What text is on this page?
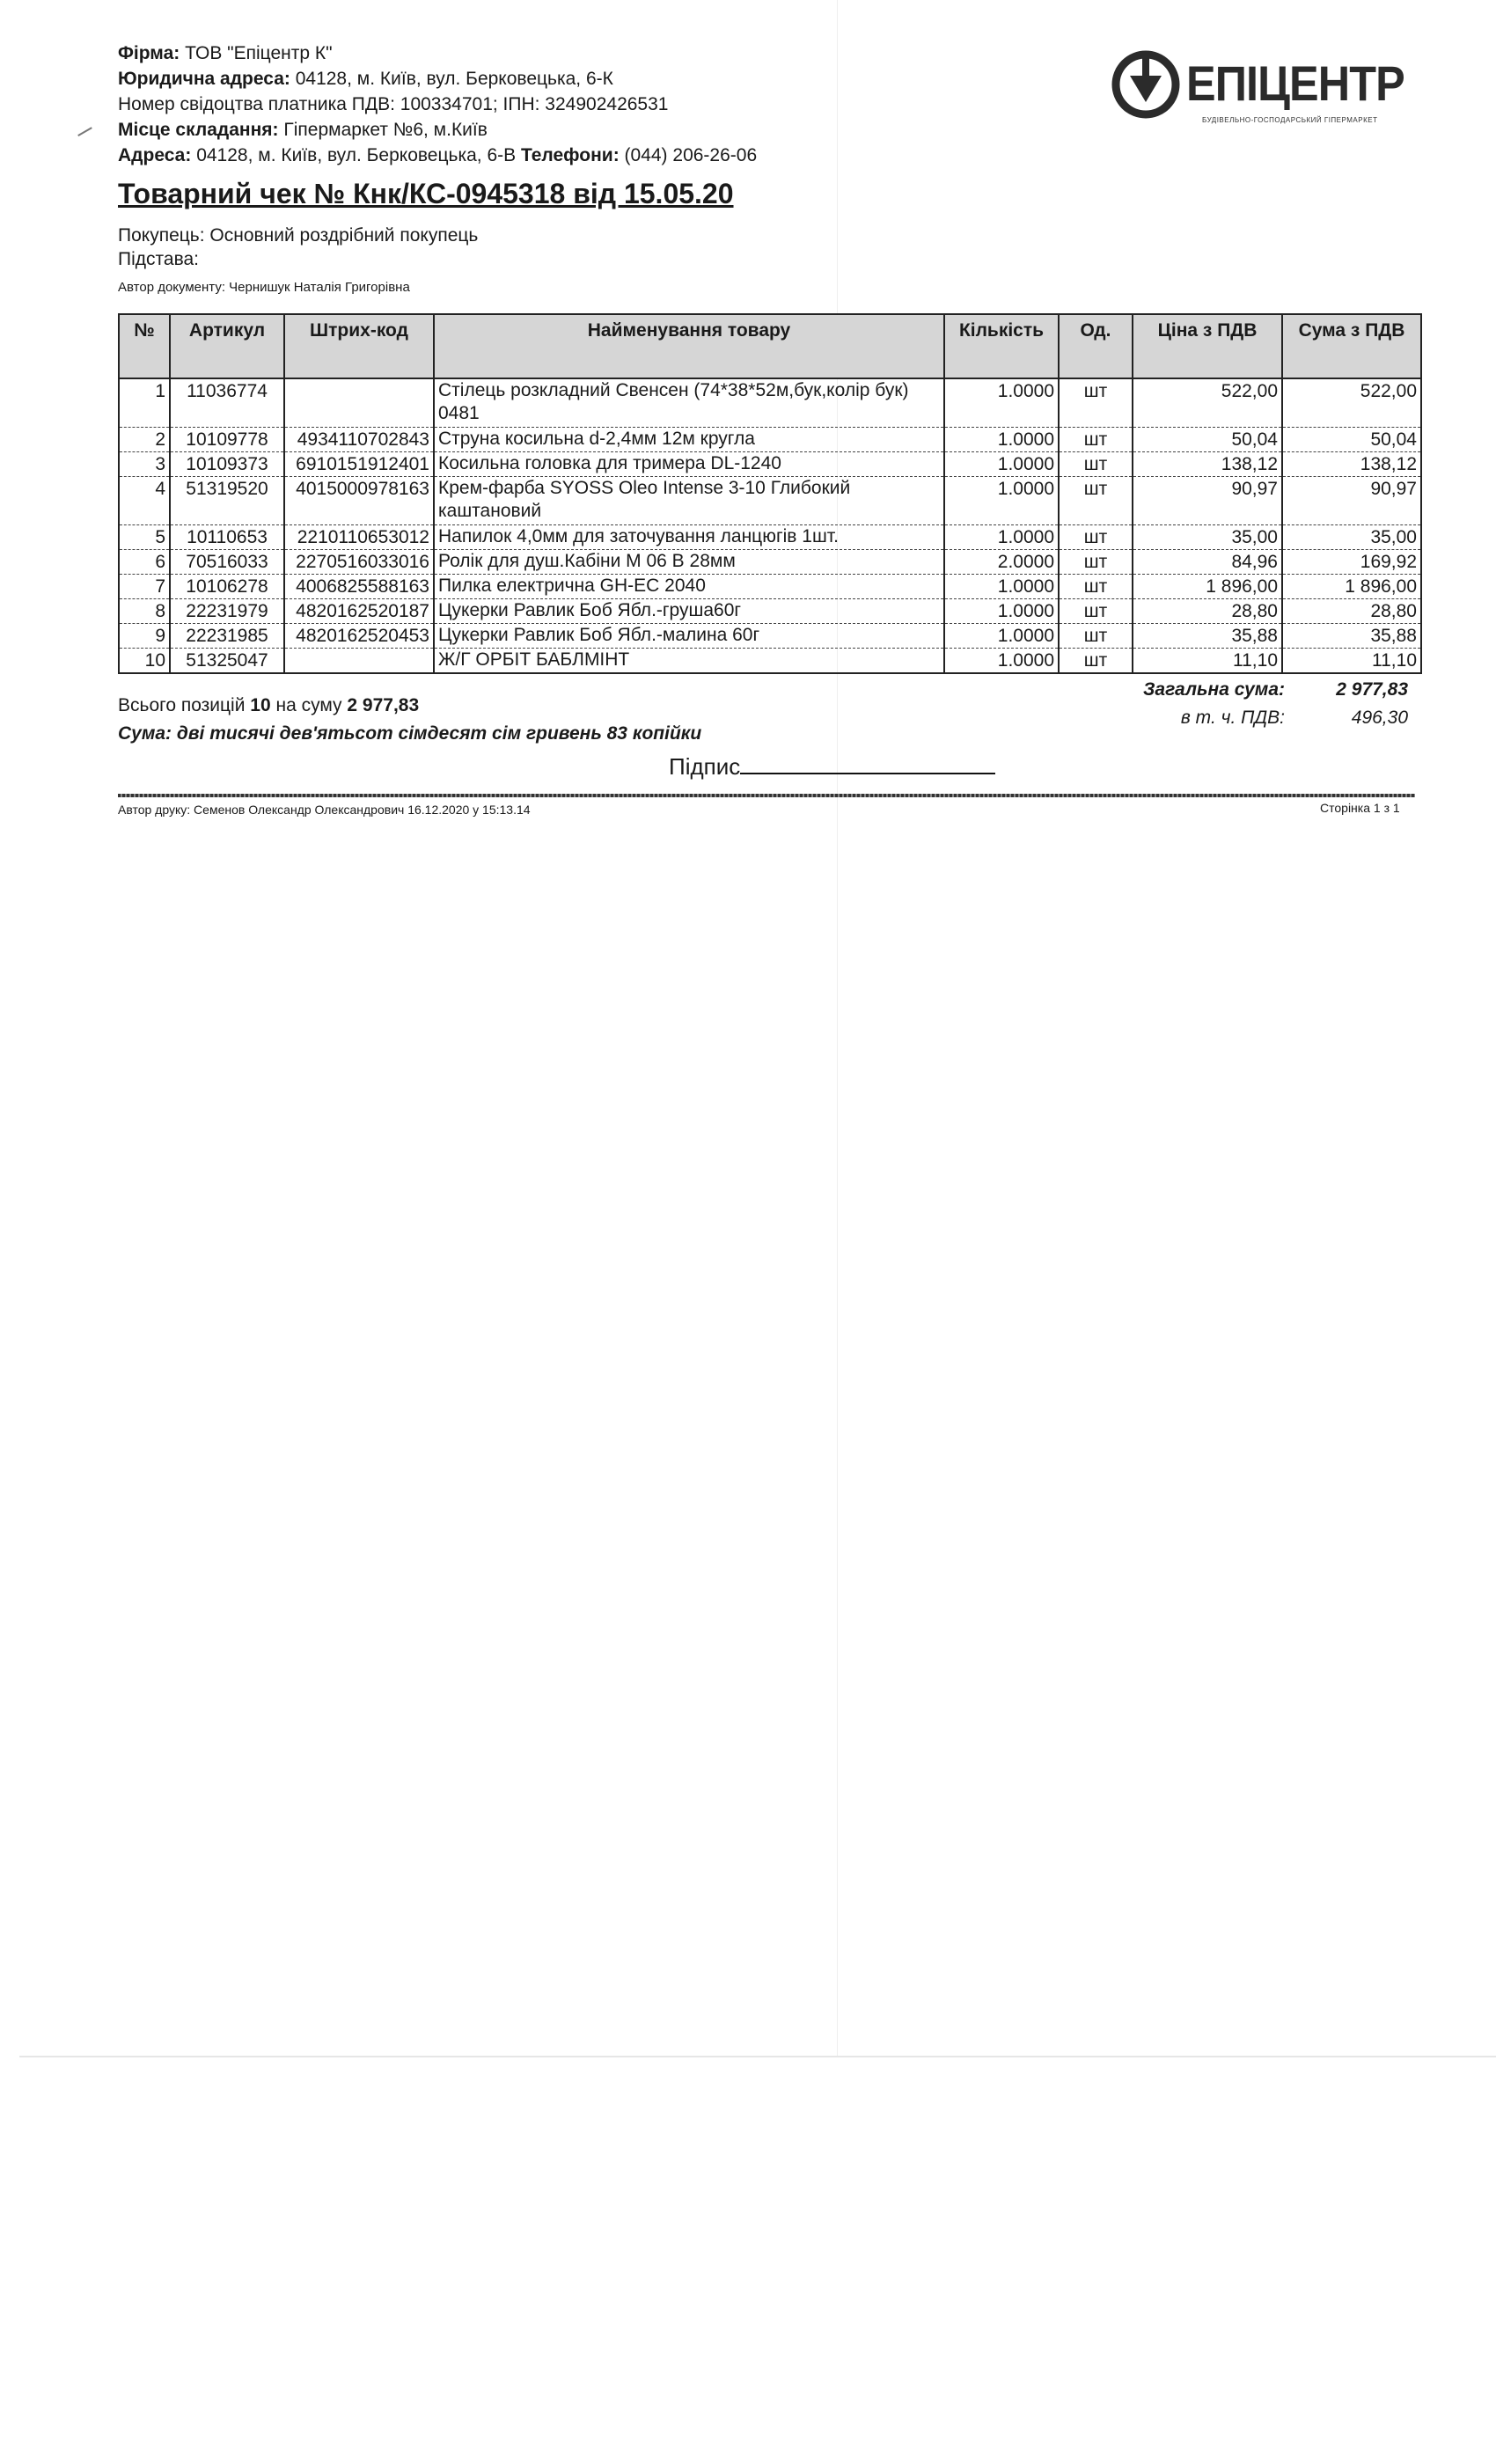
Фірма: ТОВ "Епіцентр К"
Юридична адреса: 04128, м. Київ, вул. Берковецька, 6-К
Номер свідоцтва платника ПДВ: 100334701; ІПН: 324902426531
Місце складання: Гіпермаркет №6, м.Київ
Адреса: 04128, м. Київ, вул. Берковецька, 6-В Телефони: (044) 206-26-06
ЕПІЦЕНТР
БУДІВЕЛЬНО-ГОСПОДАРСЬКИЙ ГІПЕРМАРКЕТ
Товарний чек № Кнк/КС-0945318 від 15.05.20
Покупець: Основний роздрібний покупець
Підстава:
Автор документу: Чернишук Наталія Григорівна
№	Артикул	Штрих-код	Найменування товару	Кількість	Од.	Ціна з ПДВ	Сума з ПДВ
1	11036774		Стілець розкладний Свенсен (74*38*52м,бук,колір бук) 0481	1.0000	шт	522,00	522,00
2	10109778	4934110702843	Струна косильна d-2,4мм 12м кругла	1.0000	шт	50,04	50,04
3	10109373	6910151912401	Косильна головка для тримера DL-1240	1.0000	шт	138,12	138,12
4	51319520	4015000978163	Крем-фарба SYOSS Oleo Intense 3-10 Глибокий каштановий	1.0000	шт	90,97	90,97
5	10110653	2210110653012	Напилок 4,0мм для заточування ланцюгів 1шт.	1.0000	шт	35,00	35,00
6	70516033	2270516033016	Ролік для душ.Кабіни М 06 В 28мм	2.0000	шт	84,96	169,92
7	10106278	4006825588163	Пилка електрична GH-EC 2040	1.0000	шт	1 896,00	1 896,00
8	22231979	4820162520187	Цукерки Равлик Боб Ябл.-груша60г	1.0000	шт	28,80	28,80
9	22231985	4820162520453	Цукерки Равлик Боб Ябл.-малина 60г	1.0000	шт	35,88	35,88
10	51325047		Ж/Г ОРБІТ БАБЛМІНТ	1.0000	шт	11,10	11,10
Загальна сума:	2 977,83
в т. ч. ПДВ:	496,30
Всього позицій 10 на суму 2 977,83
Сума: дві тисячі дев'ятьсот сімдесят сім гривень 83 копійки
Підпис
Автор друку: Семенов Олександр Олександрович 16.12.2020 у 15:13.14	Сторінка 1 з 1
